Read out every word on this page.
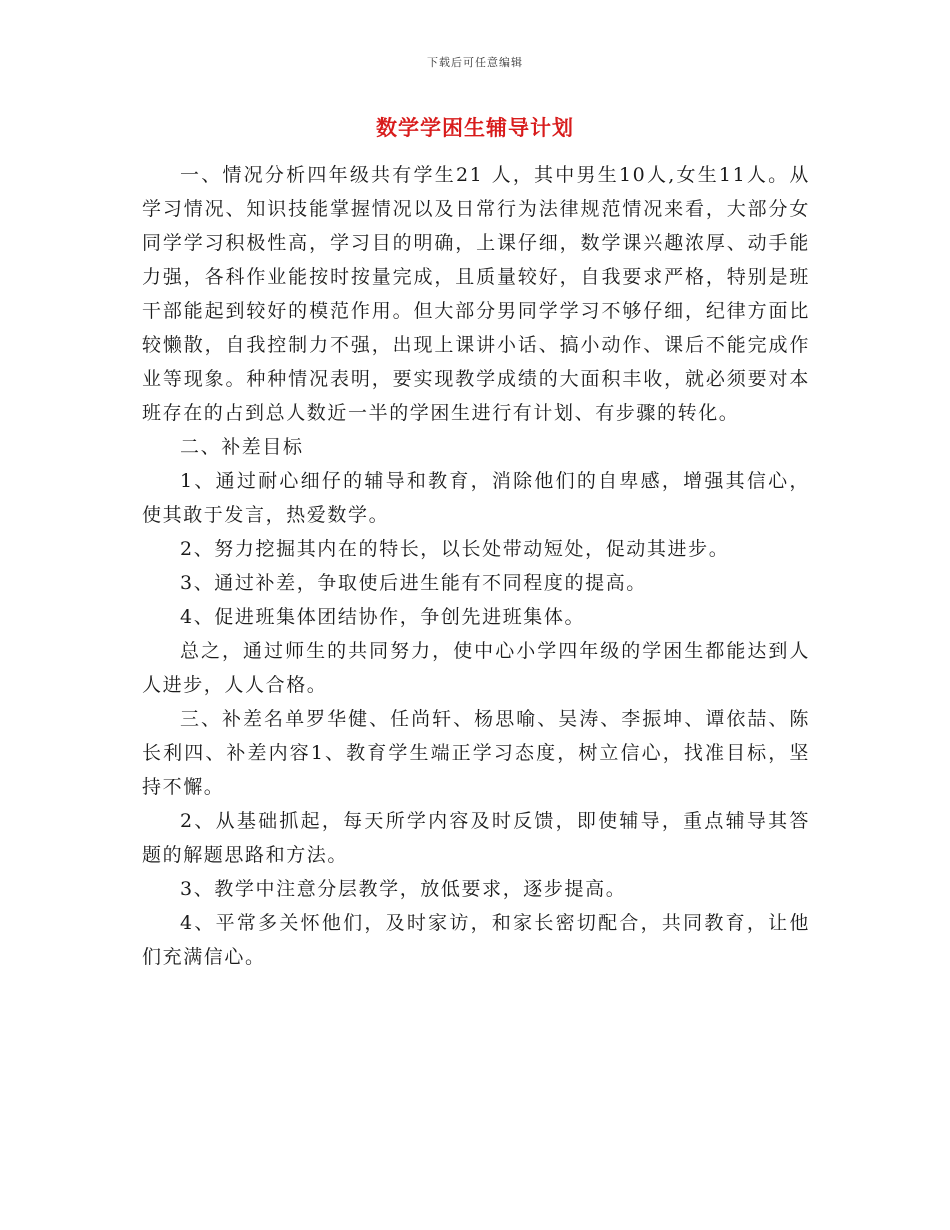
下载后可任意编辑
数学学困生辅导计划

一、情况分析四年级共有学生21 人，其中男生10人,女生11人。从学习情况、知识技能掌握情况以及日常行为法律规范情况来看，大部分女同学学习积极性高，学习目的明确，上课仔细，数学课兴趣浓厚、动手能力强，各科作业能按时按量完成，且质量较好，自我要求严格，特别是班干部能起到较好的模范作用。但大部分男同学学习不够仔细，纪律方面比较懒散，自我控制力不强，出现上课讲小话、搞小动作、课后不能完成作业等现象。种种情况表明，要实现教学成绩的大面积丰收，就必须要对本班存在的占到总人数近一半的学困生进行有计划、有步骤的转化。

二、补差目标

1、通过耐心细仔的辅导和教育，消除他们的自卑感，增强其信心，使其敢于发言，热爱数学。

2、努力挖掘其内在的特长，以长处带动短处，促动其进步。

3、通过补差，争取使后进生能有不同程度的提高。

4、促进班集体团结协作，争创先进班集体。

总之，通过师生的共同努力，使中心小学四年级的学困生都能达到人人进步，人人合格。

三、补差名单罗华健、任尚轩、杨思喻、吴涛、李振坤、谭依喆、陈长利四、补差内容1、教育学生端正学习态度，树立信心，找准目标，坚持不懈。

2、从基础抓起，每天所学内容及时反馈，即使辅导，重点辅导其答题的解题思路和方法。

3、教学中注意分层教学，放低要求，逐步提高。

4、平常多关怀他们，及时家访，和家长密切配合，共同教育，让他们充满信心。
